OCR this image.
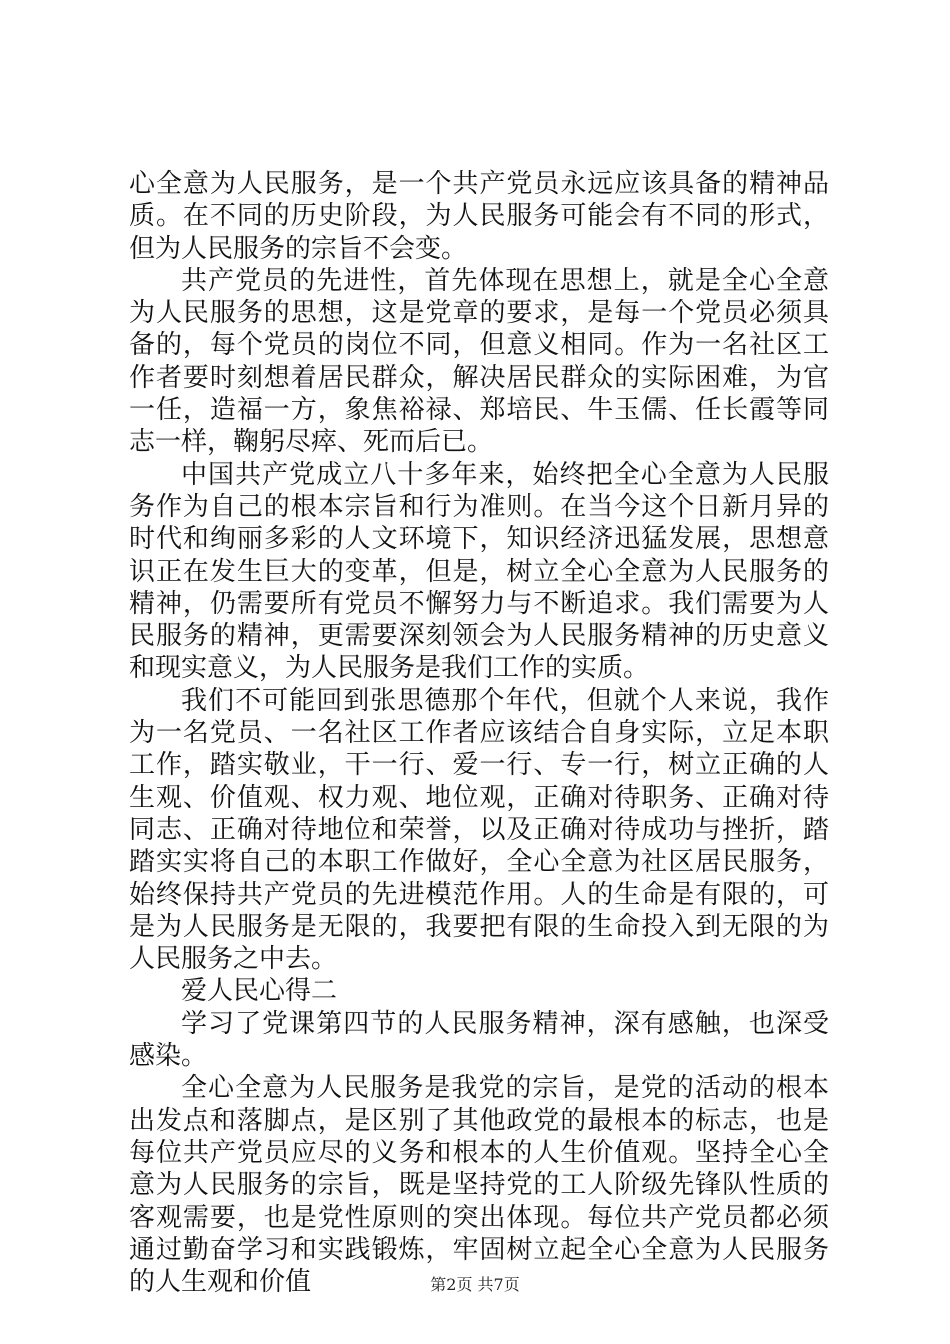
心全意为人民服务，是一个共产党员永远应该具备的精神品质。在不同的历史阶段，为人民服务可能会有不同的形式，但为人民服务的宗旨不会变。

共产党员的先进性，首先体现在思想上，就是全心全意为人民服务的思想，这是党章的要求，是每一个党员必须具备的，每个党员的岗位不同，但意义相同。作为一名社区工作者要时刻想着居民群众，解决居民群众的实际困难，为官一任，造福一方，象焦裕禄、郑培民、牛玉儒、任长霞等同志一样，鞠躬尽瘁、死而后已。

中国共产党成立八十多年来，始终把全心全意为人民服务作为自己的根本宗旨和行为准则。在当今这个日新月异的时代和绚丽多彩的人文环境下，知识经济迅猛发展，思想意识正在发生巨大的变革，但是，树立全心全意为人民服务的精神，仍需要所有党员不懈努力与不断追求。我们需要为人民服务的精神，更需要深刻领会为人民服务精神的历史意义和现实意义，为人民服务是我们工作的实质。

我们不可能回到张思德那个年代，但就个人来说，我作为一名党员、一名社区工作者应该结合自身实际，立足本职工作，踏实敬业，干一行、爱一行、专一行，树立正确的人生观、价值观、权力观、地位观，正确对待职务、正确对待同志、正确对待地位和荣誉，以及正确对待成功与挫折，踏踏实实将自己的本职工作做好，全心全意为社区居民服务，始终保持共产党员的先进模范作用。人的生命是有限的，可是为人民服务是无限的，我要把有限的生命投入到无限的为人民服务之中去。

爱人民心得二

学习了党课第四节的人民服务精神，深有感触，也深受感染。

全心全意为人民服务是我党的宗旨，是党的活动的根本出发点和落脚点，是区别了其他政党的最根本的标志，也是每位共产党员应尽的义务和根本的人生价值观。坚持全心全意为人民服务的宗旨，既是坚持党的工人阶级先锋队性质的客观需要，也是党性原则的突出体现。每位共产党员都必须通过勤奋学习和实践锻炼，牢固树立起全心全意为人民服务的人生观和价值	第2页 共7页
